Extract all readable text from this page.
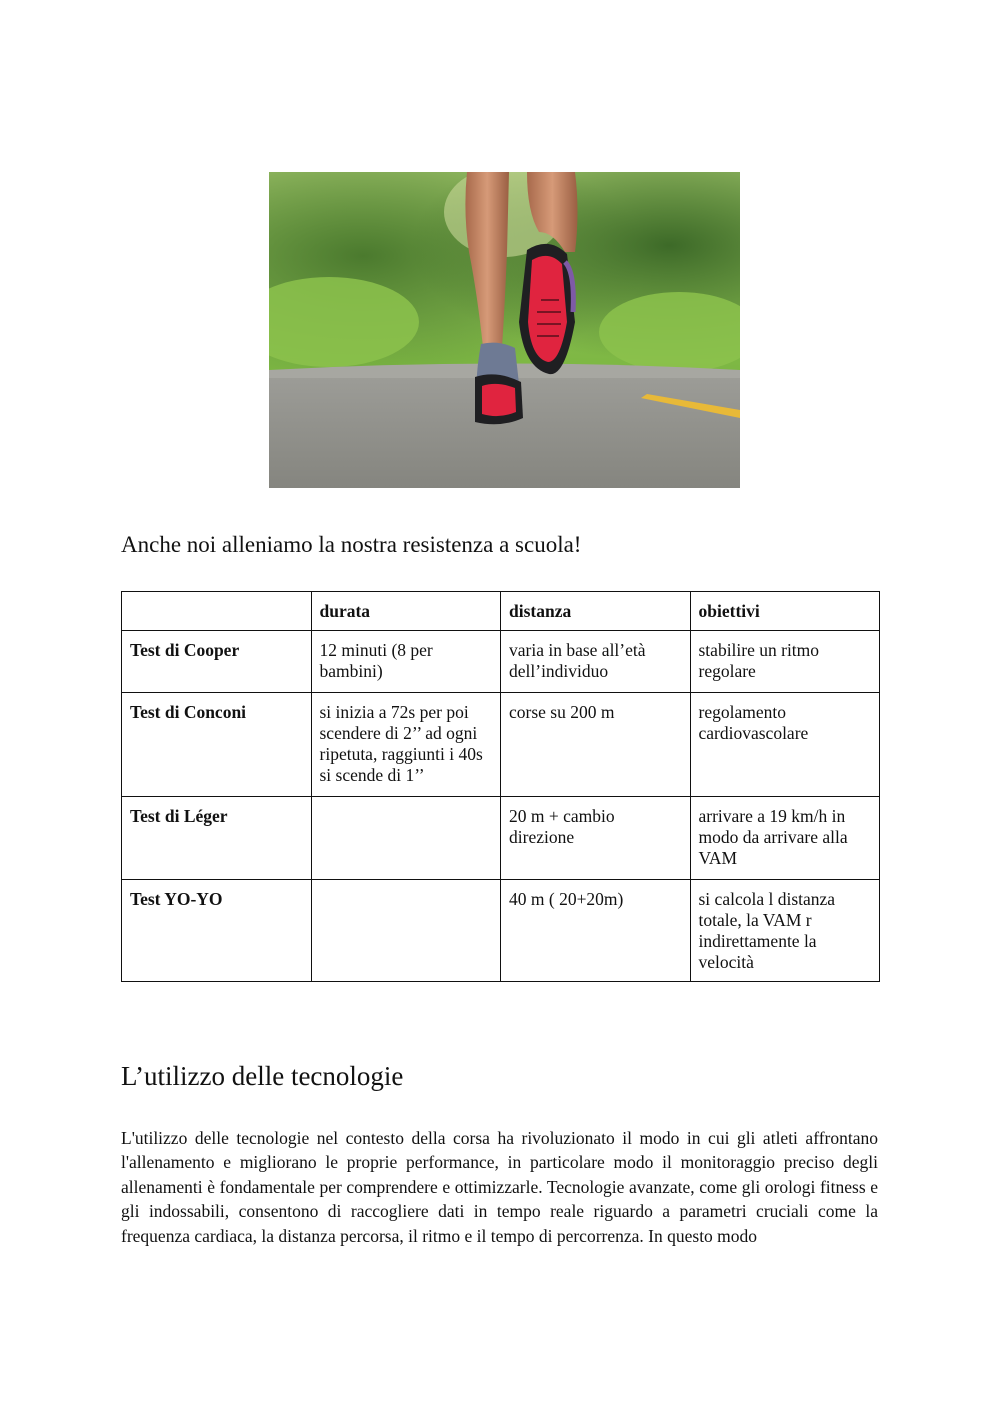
Anche noi alleniamo la nostra resistenza a scuola!
	durata	distanza	obiettivi
Test di Cooper	12 minuti (8 per bambini)	varia in base all’età dell’individuo	stabilire un ritmo regolare
Test di Conconi	si inizia a 72s per poi scendere di 2’’ ad ogni ripetuta, raggiunti i 40s si scende di 1’’	corse su 200 m	regolamento cardiovascolare
Test di Léger		20 m + cambio direzione	arrivare a 19 km/h in modo da arrivare alla VAM
Test YO-YO		40 m ( 20+20m)	si calcola l distanza totale, la VAM r indirettamente la velocità
L’utilizzo delle tecnologie

L'utilizzo delle tecnologie nel contesto della corsa ha rivoluzionato il modo in cui gli atleti affrontano l'allenamento e migliorano le proprie performance, in particolare modo il monitoraggio preciso degli allenamenti è fondamentale per comprendere e ottimizzarle. Tecnologie avanzate, come gli orologi fitness e gli indossabili, consentono di raccogliere dati in tempo reale riguardo a parametri cruciali come la frequenza cardiaca, la distanza percorsa, il ritmo e il tempo di percorrenza. In questo modo
